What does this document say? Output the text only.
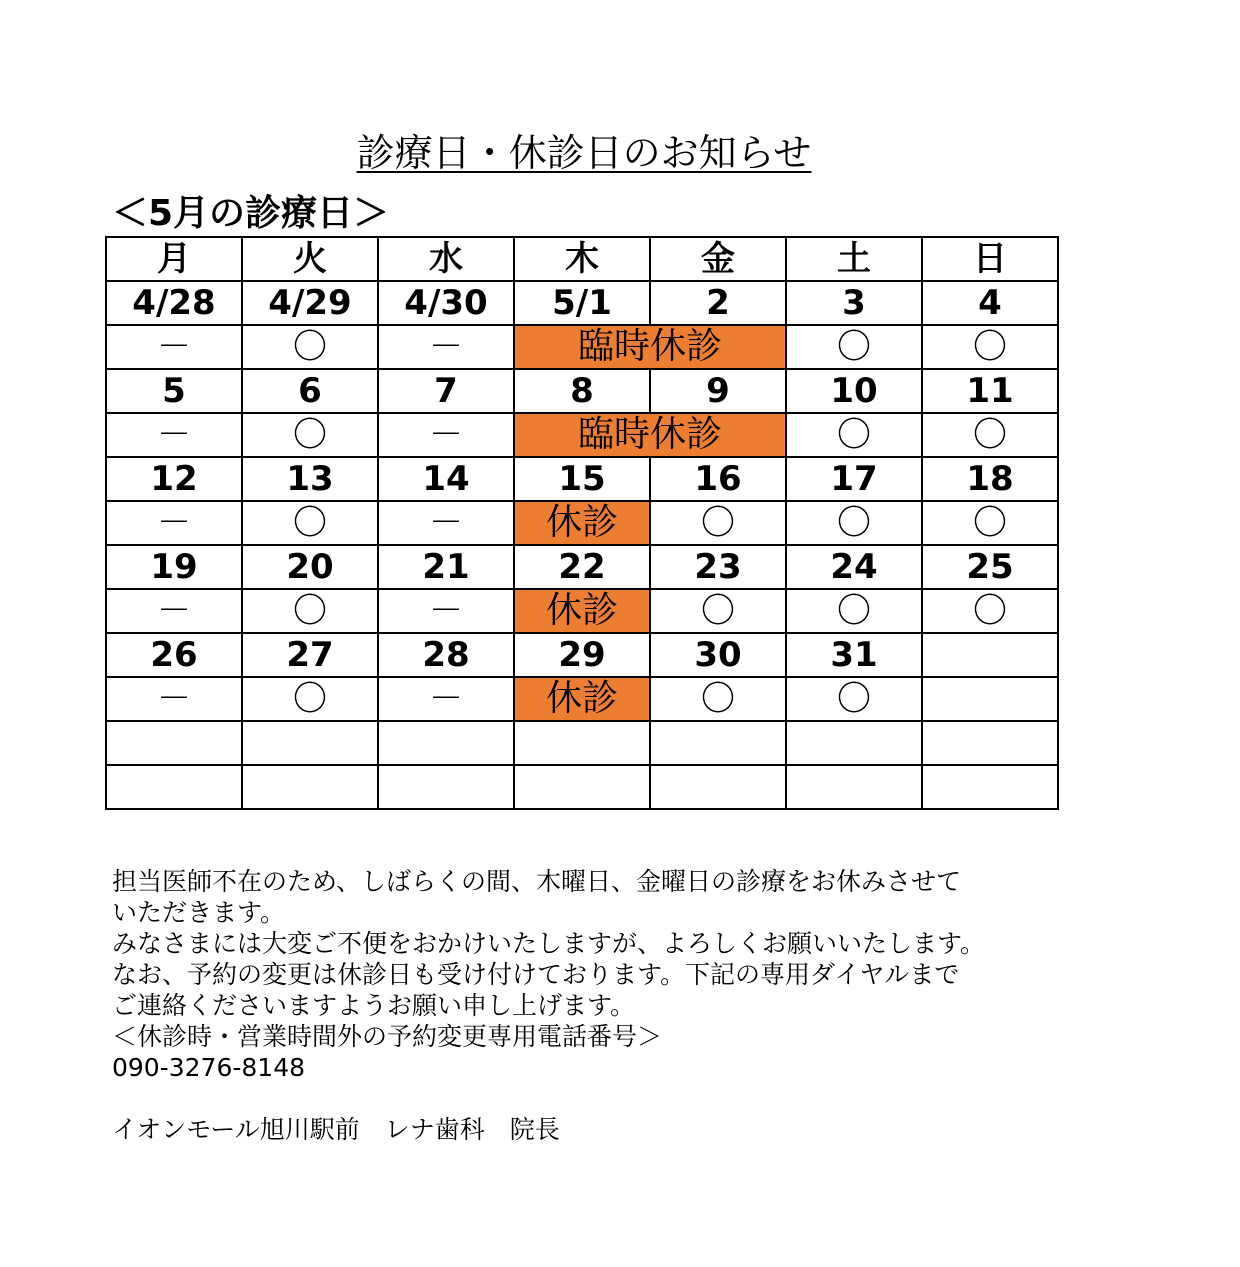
診療日・休診日のお知らせ
＜5月の診療日＞
月	火	水	木	金	土	日
4/28	4/29	4/30	5/1	2	3	4
－	〇	－	臨時休診		〇	〇
5	6	7	8	9	10	11
－	〇	－	臨時休診		〇	〇
12	13	14	15	16	17	18
－	〇	－	休診	〇	〇	〇
19	20	21	22	23	24	25
－	〇	－	休診	〇	〇	〇
26	27	28	29	30	31	
－	〇	－	休診	〇	〇	

担当医師不在のため、しばらくの間、木曜日、金曜日の診療をお休みさせて

いただきます。

みなさまには大変ご不便をおかけいたしますが、よろしくお願いいたします。

なお、予約の変更は休診日も受け付けております。下記の専用ダイヤルまで

ご連絡くださいますようお願い申し上げます。

＜休診時・営業時間外の予約変更専用電話番号＞

090-3276-8148

イオンモール旭川駅前　レナ歯科　院長
